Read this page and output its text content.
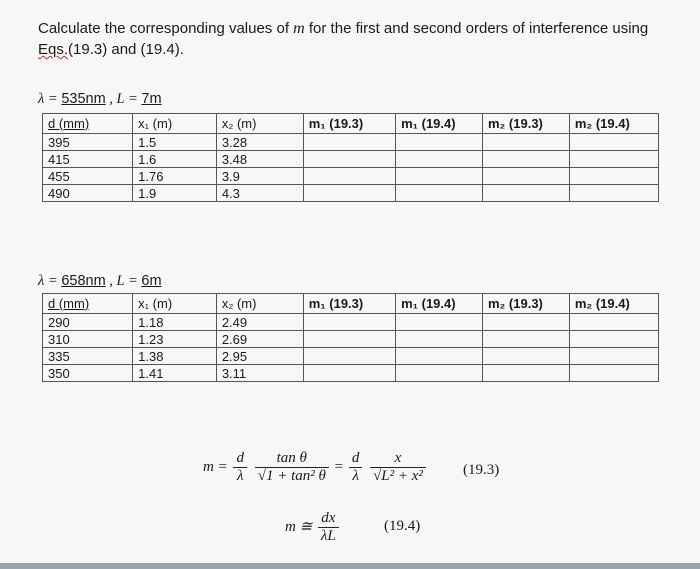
Calculate the corresponding values of m for the first and second orders of interference using Eqs.(19.3) and (19.4).
λ = 535nm , L = 7m
d (mm)	x₁ (m)	x₂ (m)	m₁ (19.3)	m₁ (19.4)	m₂ (19.3)	m₂ (19.4)
395	1.5	3.28				
415	1.6	3.48				
455	1.76	3.9				
490	1.9	4.3				
λ = 658nm , L = 6m
d (mm)	x₁ (m)	x₂ (m)	m₁ (19.3)	m₁ (19.4)	m₂ (19.3)	m₂ (19.4)
290	1.18	2.49				
310	1.23	2.69				
335	1.38	2.95				
350	1.41	3.11				
$m = \frac{d}{\lambda}$
$\frac{\text{tan θ}}{\text{√1 + tan² θ}} = \frac{d}{\lambda}$
$\frac{x}{\text{√L² + x²}} (19.3)$
m ≅ $\frac{dx}{\lambda L}$	(19.4)
